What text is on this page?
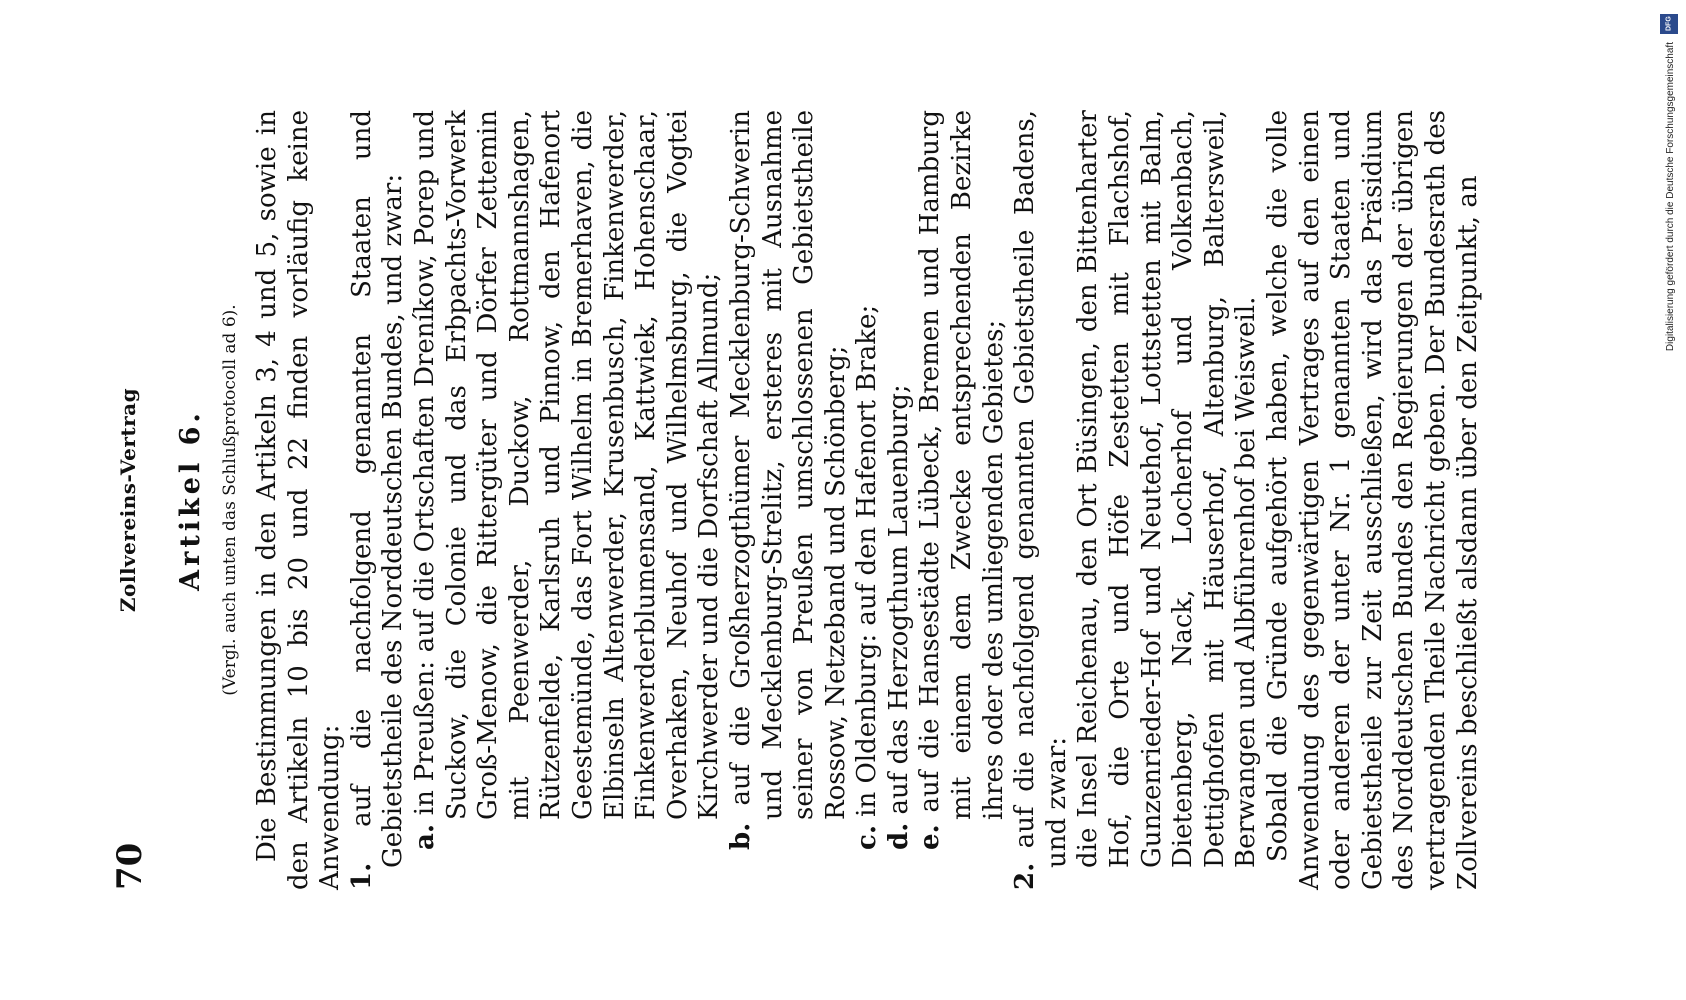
70
Zollvereins-Vertrag Artikel 6. (Vergl. auch unten das Schlußprotocoll ad 6). Die Bestimmungen in den Artikeln 3, 4 und 5, sowie in den Artikeln 10 bis 20 und 22 finden vorläufig keine Anwendung: 1. auf die nachfolgend genannten Staaten und Gebietstheile des Norddeutschen Bundes, und zwar: a. in Preußen: auf die Ortschaften Dreníkow, Porep und Suckow, die Colonie und das Erbpachts-Vorwerk Groß-Menow, die Rittergüter und Dörfer Zettemin mit Peenwerder, Duckow, Rottmannshagen, Rützenfelde, Karlsruh und Pinnow, den Hafenort Geestemünde, das Fort Wilhelm in Bremerhaven, die Elbinseln Altenwerder, Krusenbusch, Finkenwerder, Finkenwerderblumensand, Kattwiek, Hohenschaar, Overhaken, Neuhof und Wilhelmsburg, die Vogtei Kirchwerder und die Dorfschaft Allmund;

b. auf die Großherzogthümer Mecklenburg-Schwerin und Mecklenburg-Strelitz, ersteres mit Ausnahme seiner von Preußen umschlossenen Gebietstheile Rossow, Netzeband und Schönberg;

c. in Oldenburg: auf den Hafenort Brake;

d. auf das Herzogthum Lauenburg;

e. auf die Hansestädte Lübeck, Bremen und Hamburg mit einem dem Zwecke entsprechenden Bezirke ihres oder des umliegenden Gebietes;

2. auf die nachfolgend genannten Gebietstheile Badens, und zwar: die Insel Reichenau, den Ort Büsingen, den Bittenharter Hof, die Orte und Höfe Zestetten mit Flachshof, Gunzenrieder-Hof und Neutehof, Lottstetten mit Balm, Dietenberg, Nack, Locherhof und Volkenbach, Dettighofen mit Häuserhof, Altenburg, Baltersweil, Berwangen und Albführenhof bei Weisweil. Sobald die Gründe aufgehört haben, welche die volle Anwendung des gegenwärtigen Vertrages auf den einen oder anderen der unter Nr. 1 genannten Staaten und Gebietstheile zur Zeit ausschließen, wird das Präsidium des Norddeutschen Bundes den Regierungen der übrigen vertragenden Theile Nachricht geben. Der Bundesrath des Zollvereins beschließt alsdann über den Zeitpunkt, an

DFG
Digitalisierung gefördert durch die Deutsche Forschungsgemeinschaft
